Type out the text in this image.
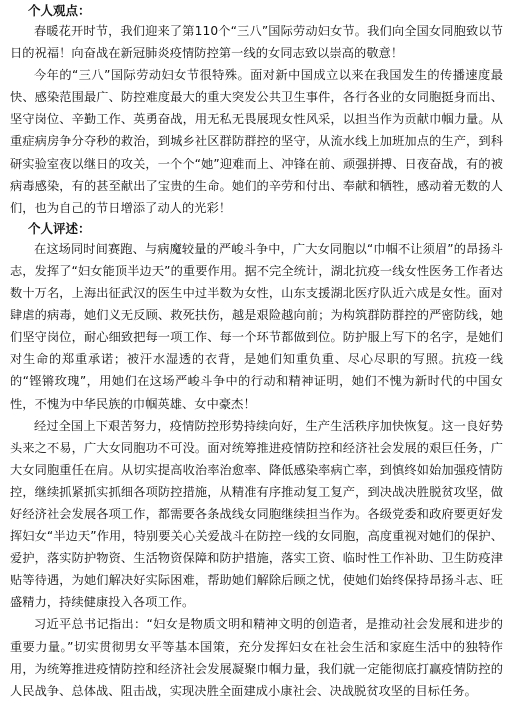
个人观点：

春暖花开时节，我们迎来了第110个“三八”国际劳动妇女节。我们向全国女同胞致以节日的祝福！向奋战在新冠肺炎疫情防控第一线的女同志致以崇高的敬意！

今年的“三八”国际劳动妇女节很特殊。面对新中国成立以来在我国发生的传播速度最快、感染范围最广、防控难度最大的重大突发公共卫生事件，各行各业的女同胞挺身而出、坚守岗位、辛勤工作、英勇奋战，用无私无畏展现女性风采，以担当作为贡献巾帼力量。从重症病房争分夺秒的救治，到城乡社区群防群控的坚守，从流水线上加班加点的生产，到科研实验室夜以继日的攻关，一个个“她”迎难而上、冲锋在前、顽强拼搏、日夜奋战，有的被病毒感染，有的甚至献出了宝贵的生命。她们的辛劳和付出、奉献和牺牲，感动着无数的人们，也为自己的节日增添了动人的光彩！

个人评述：

在这场同时间赛跑、与病魔较量的严峻斗争中，广大女同胞以“巾帼不让须眉”的昂扬斗志，发挥了“妇女能顶半边天”的重要作用。据不完全统计，湖北抗疫一线女性医务工作者达数十万名，上海出征武汉的医生中过半数为女性，山东支援湖北医疗队近六成是女性。面对肆虐的病毒，她们义无反顾、救死扶伤，越是艰险越向前；为构筑群防群控的严密防线，她们坚守岗位，耐心细致把每一项工作、每一个环节都做到位。防护服上写下的名字，是她们对生命的郑重承诺；被汗水湿透的衣背，是她们知重负重、尽心尽职的写照。抗疫一线的“铿锵玫瑰”，用她们在这场严峻斗争中的行动和精神证明，她们不愧为新时代的中国女性，不愧为中华民族的巾帼英雄、女中豪杰！

经过全国上下艰苦努力，疫情防控形势持续向好，生产生活秩序加快恢复。这一良好势头来之不易，广大女同胞功不可没。面对统筹推进疫情防控和经济社会发展的艰巨任务，广大女同胞重任在肩。从切实提高收治率治愈率、降低感染率病亡率，到慎终如始加强疫情防控，继续抓紧抓实抓细各项防控措施，从精准有序推动复工复产，到决战决胜脱贫攻坚，做好经济社会发展各项工作，都需要各条战线女同胞继续担当作为。各级党委和政府要更好发挥妇女“半边天”作用，特别要关心关爱战斗在防控一线的女同胞，高度重视对她们的保护、爱护，落实防护物资、生活物资保障和防护措施，落实工资、临时性工作补助、卫生防疫津贴等待遇，为她们解决好实际困难，帮助她们解除后顾之忧，使她们始终保持昂扬斗志、旺盛精力，持续健康投入各项工作。

习近平总书记指出：“妇女是物质文明和精神文明的创造者，是推动社会发展和进步的重要力量。”切实贯彻男女平等基本国策，充分发挥妇女在社会生活和家庭生活中的独特作用，为统筹推进疫情防控和经济社会发展凝聚巾帼力量，我们就一定能彻底打赢疫情防控的人民战争、总体战、阻击战，实现决胜全面建成小康社会、决战脱贫攻坚的目标任务。
